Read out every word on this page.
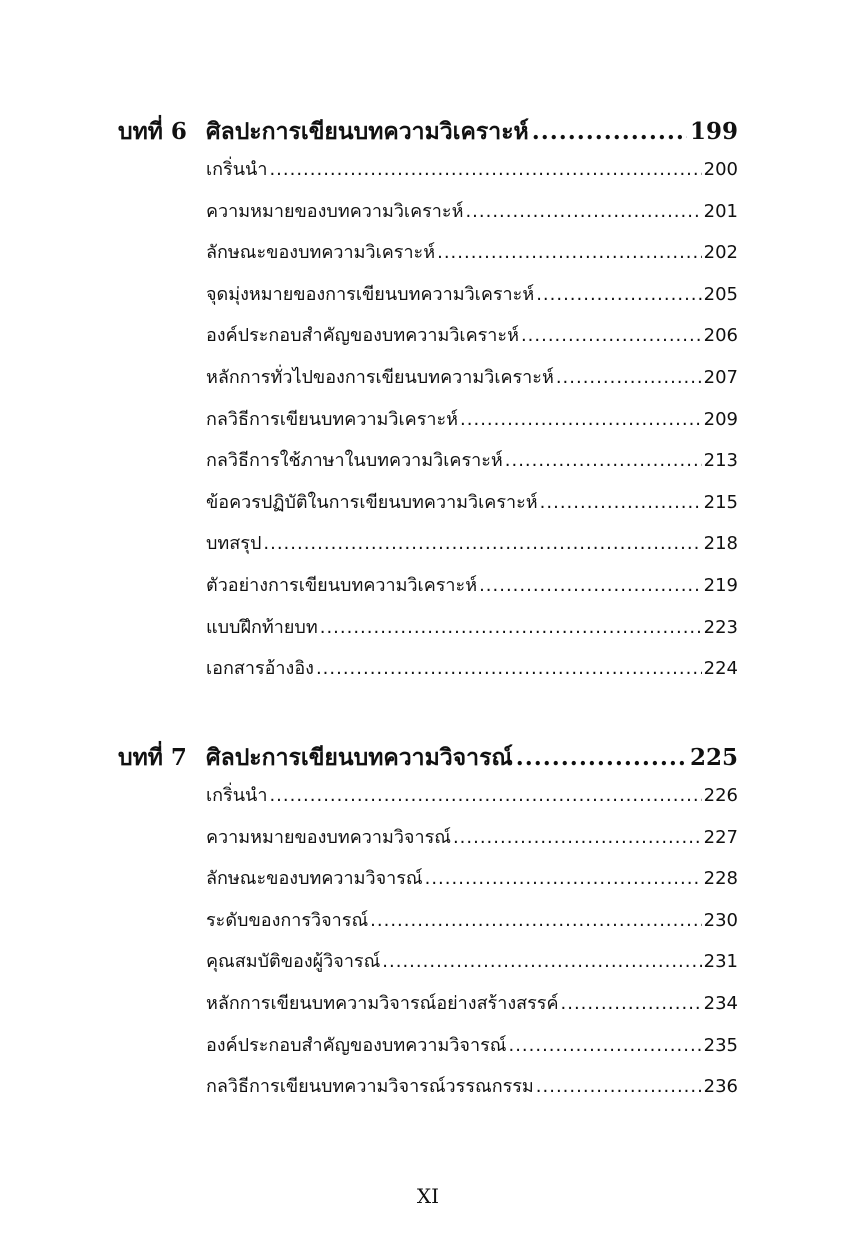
บทที่ 6 ศิลปะการเขียนบทความวิเคราะห์ .....	199
เกริ่นนำ .....	200
ความหมายของบทความวิเคราะห์ .....	201
ลักษณะของบทความวิเคราะห์ .....	202
จุดมุ่งหมายของการเขียนบทความวิเคราะห์ .....	205
องค์ประกอบสำคัญของบทความวิเคราะห์ .....	206
หลักการทั่วไปของการเขียนบทความวิเคราะห์ .....	207
กลวิธีการเขียนบทความวิเคราะห์ .....	209
กลวิธีการใช้ภาษาในบทความวิเคราะห์ .....	213
ข้อควรปฏิบัติในการเขียนบทความวิเคราะห์ .....	215
บทสรุป .....	218
ตัวอย่างการเขียนบทความวิเคราะห์ .....	219
แบบฝึกท้ายบท .....	223
เอกสารอ้างอิง .....	224
บทที่ 7 ศิลปะการเขียนบทความวิจารณ์ .....	225
เกริ่นนำ .....	226
ความหมายของบทความวิจารณ์ .....	227
ลักษณะของบทความวิจารณ์ .....	228
ระดับของการวิจารณ์ .....	230
คุณสมบัติของผู้วิจารณ์ .....	231
หลักการเขียนบทความวิจารณ์อย่างสร้างสรรค์ .....	234
องค์ประกอบสำคัญของบทความวิจารณ์ .....	235
กลวิธีการเขียนบทความวิจารณ์วรรณกรรม .....	236
XI
